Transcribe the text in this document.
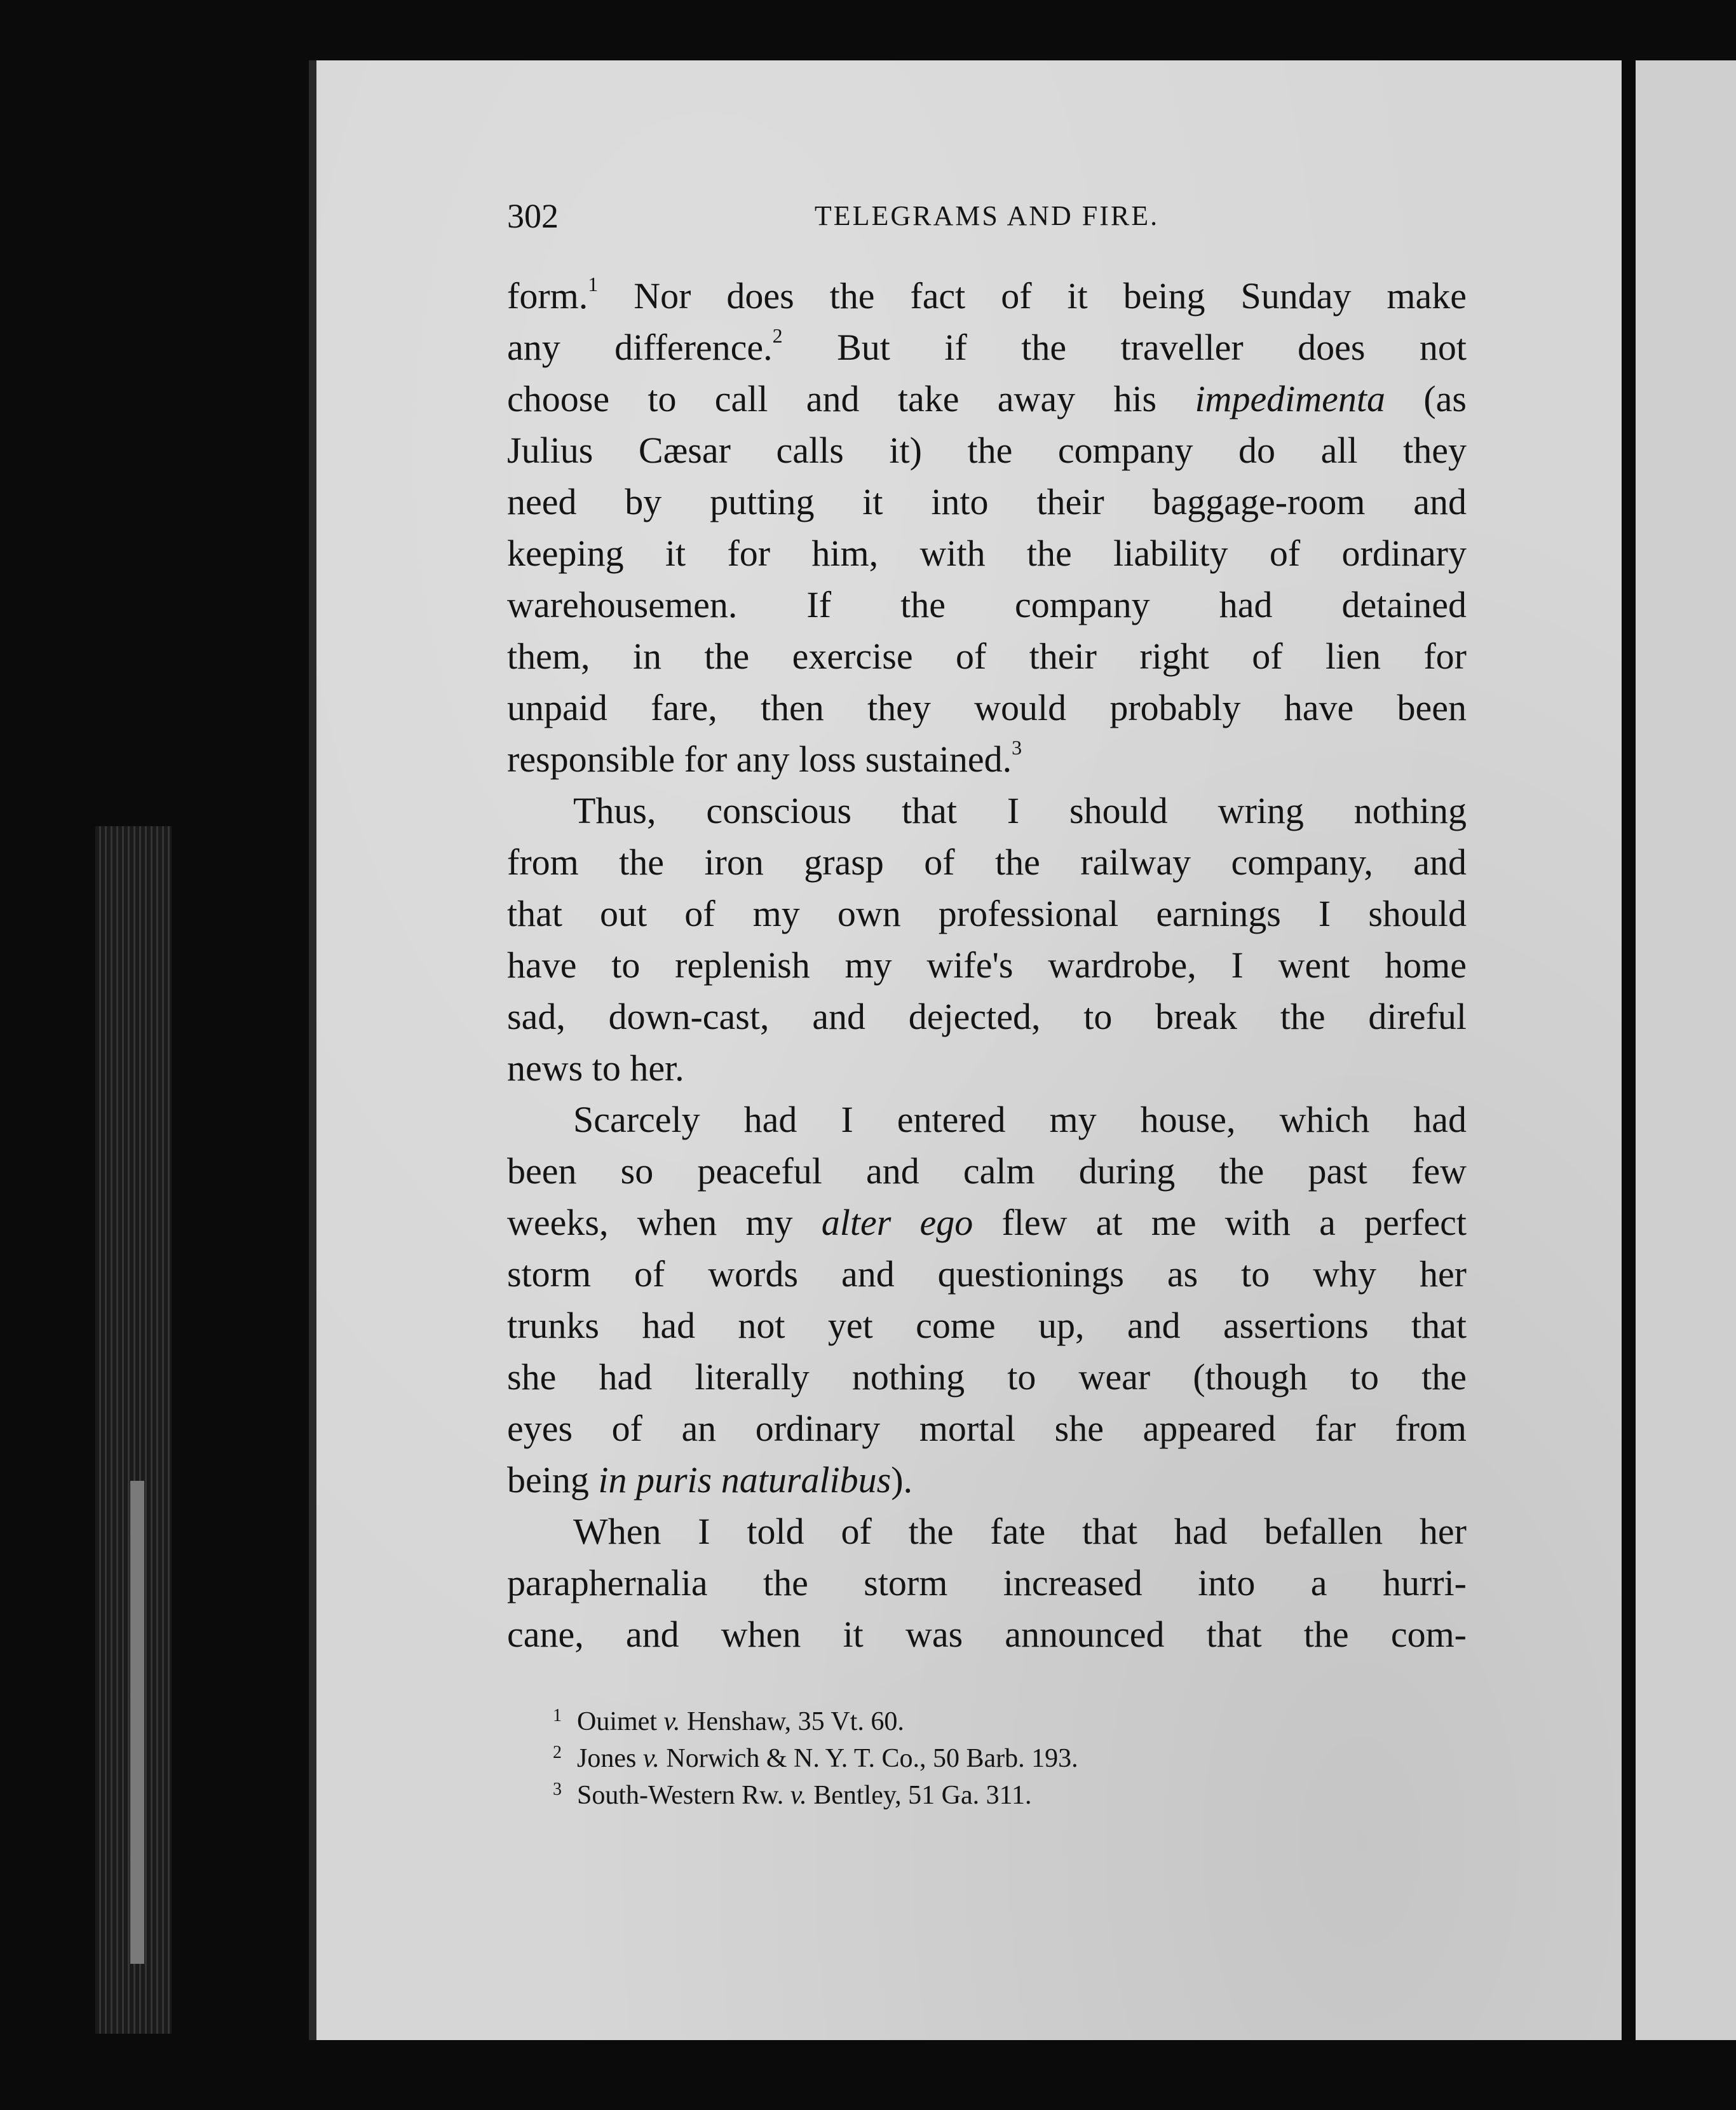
302	TELEGRAMS AND FIRE.
form.$^1$ Nor does the fact of it being Sunday make
any difference.$^2$ But if the traveller does not
choose to call and take away his impedimenta (as
Julius Cæsar calls it) the company do all they
need by putting it into their baggage-room and
keeping it for him, with the liability of ordinary
warehousemen. If the company had detained
them, in the exercise of their right of lien for
unpaid fare, then they would probably have been
responsible for any loss sustained.$^3$
Thus, conscious that I should wring nothing
from the iron grasp of the railway company, and
that out of my own professional earnings I should
have to replenish my wife's wardrobe, I went home
sad, down-cast, and dejected, to break the direful
news to her.
Scarcely had I entered my house, which had
been so peaceful and calm during the past few
weeks, when my alter ego flew at me with a perfect
storm of words and questionings as to why her
trunks had not yet come up, and assertions that
she had literally nothing to wear (though to the
eyes of an ordinary mortal she appeared far from
being in puris naturalibus).
When I told of the fate that had befallen her
paraphernalia the storm increased into a hurri-
cane, and when it was announced that the com-
1 Ouimet v. Henshaw, 35 Vt. 60.
2 Jones v. Norwich & N. Y. T. Co., 50 Barb. 193.
3 South-Western Rw. v. Bentley, 51 Ga. 311.
